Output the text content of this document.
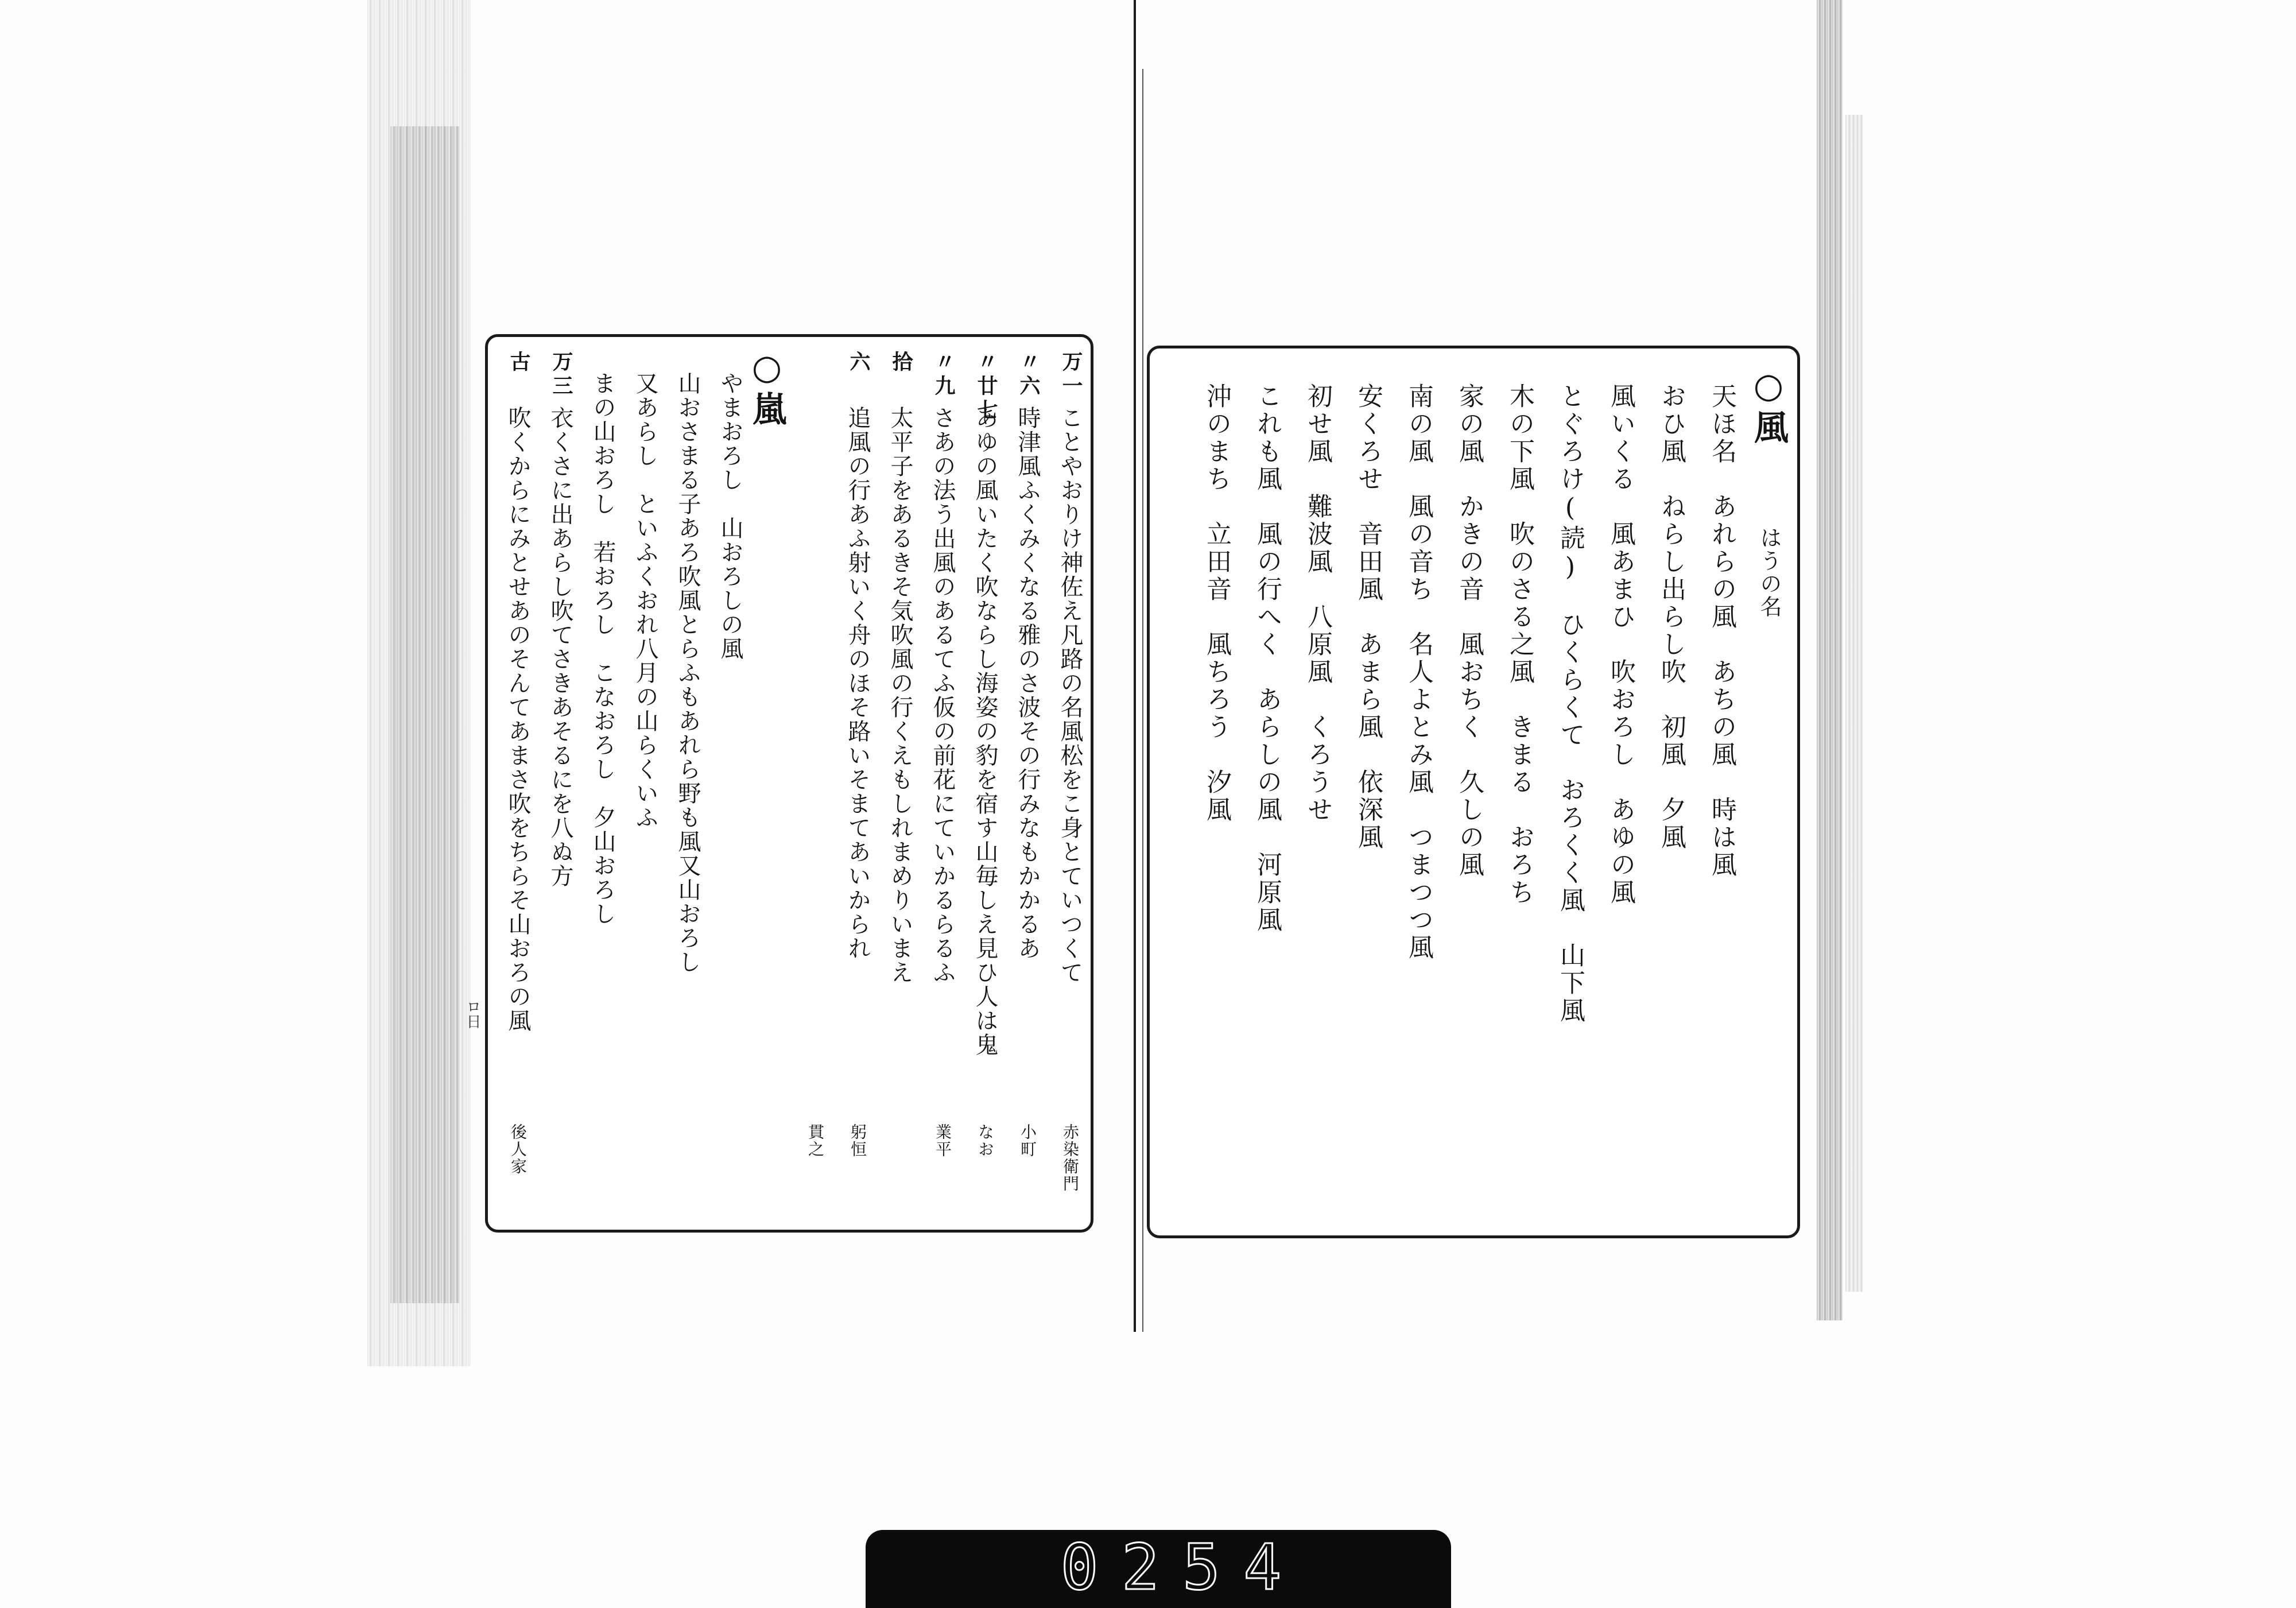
万一
ことやおりけ神佐え凡路の名風松をこ身とていつくて
赤染衛門
〃六
時津風ふくみくなる雅のさ波その行みなもかかるあ
小町
〃廿七
あゆの風いたく吹ならし海姿の豹を宿す山毎しえ見ひ人は鬼
なお
〃九
さあの法う出風のあるてふ仮の前花にていかるらるふ
業平
拾
太平子をあるきそ気吹風の行くえもしれまめりいまえ
六
追風の行あふ射いく舟のほそ路いそまてあいかられ
躬恒
貫之
○嵐
やまおろし　山おろしの風
山おさまる子あろ吹風とらふもあれら野も風又山おろし
又あらし　といふくおれ八月の山らくいふ
まの山おろし　若おろし　こなおろし　夕山おろし
万三
衣くさに出あらし吹てさきあそるにを八ぬ方
古
吹くからにみとせあのそんてあまさ吹をちらそ山おろの風
後人家
○風
はうの名
天ほ名　あれらの風　あちの風　時は風
おひ風　ねらし出らし吹　初風　夕風
風いくる　風あまひ　吹おろし　あゆの風
とぐろけ(読)　ひくらくて　おろくく風　山下風
木の下風　吹のさる之風　きまる　おろち
家の風　かきの音　風おちく　久しの風
南の風　風の音ち　名人よとみ風　つまつつ風
安くろせ　音田風　あまら風　依深風
初せ風　難波風　八原風　くろうせ
これも風　風の行へく　あらしの風　河原風
沖のまち　立田音　風ちろう　汐風
ロ日
0254
